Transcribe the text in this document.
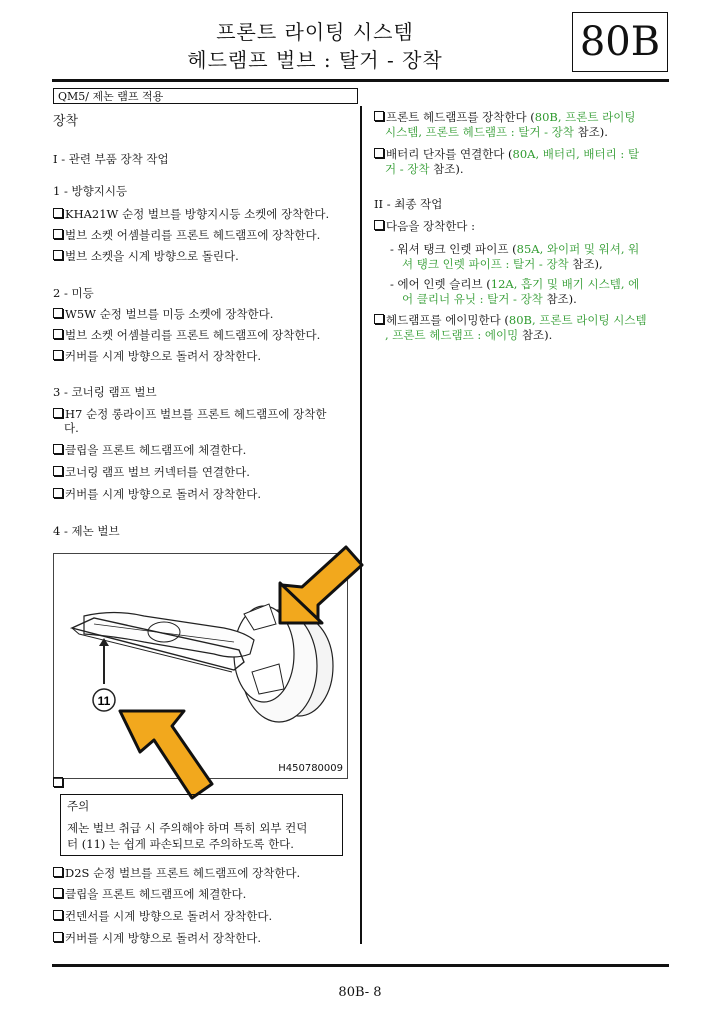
프론트 라이팅 시스템
헤드램프 벌브 : 탈거 - 장착	80B
QM5/ 제논 램프 적용
장착
I - 관련 부품 장착 작업
1 - 방향지시등
KHA21W 순정 벌브를 방향지시등 소켓에 장착한다.
벌브 소켓 어셈블리를 프론트 헤드램프에 장착한다.
벌브 소켓을 시계 방향으로 돌린다.
2 - 미등
W5W 순정 벌브를 미등 소켓에 장착한다.
벌브 소켓 어셈블리를 프론트 헤드램프에 장착한다.
커버를 시계 방향으로 돌려서 장착한다.
3 - 코너링 램프 벌브
H7 순정 롱라이프 벌브를 프론트 헤드램프에 장착한
다.
클립을 프론트 헤드램프에 체결한다.
코너링 램프 벌브 커넥터를 연결한다.
커버를 시계 방향으로 돌려서 장착한다.
4 - 제논 벌브
11
H450780009
주의
제논 벌브 취급 시 주의해야 하며 특히 외부 컨덕
터 (11) 는 쉽게 파손되므로 주의하도록 한다.
D2S 순정 벌브를 프론트 헤드램프에 장착한다.
클립을 프론트 헤드램프에 체결한다.
컨덴서를 시계 방향으로 돌려서 장착한다.
커버를 시계 방향으로 돌려서 장착한다.
프론트 헤드램프를 장착한다 (80B, 프론트 라이팅
시스템, 프론트 헤드램프 : 탈거 - 장착 참조).
배터리 단자를 연결한다 (80A, 배터리, 배터리 : 탈
거 - 장착 참조).
II - 최종 작업
다음을 장착한다 :
- 워셔 탱크 인렛 파이프 (85A, 와이퍼 및 워셔, 워
셔 탱크 인렛 파이프 : 탈거 - 장착 참조),
- 에어 인렛 슬리브 (12A, 흡기 및 배기 시스템, 에
어 클리너 유닛 : 탈거 - 장착 참조).
헤드램프를 에이밍한다 (80B, 프론트 라이팅 시스템
, 프론트 헤드램프 : 에이밍 참조).
80B- 8
